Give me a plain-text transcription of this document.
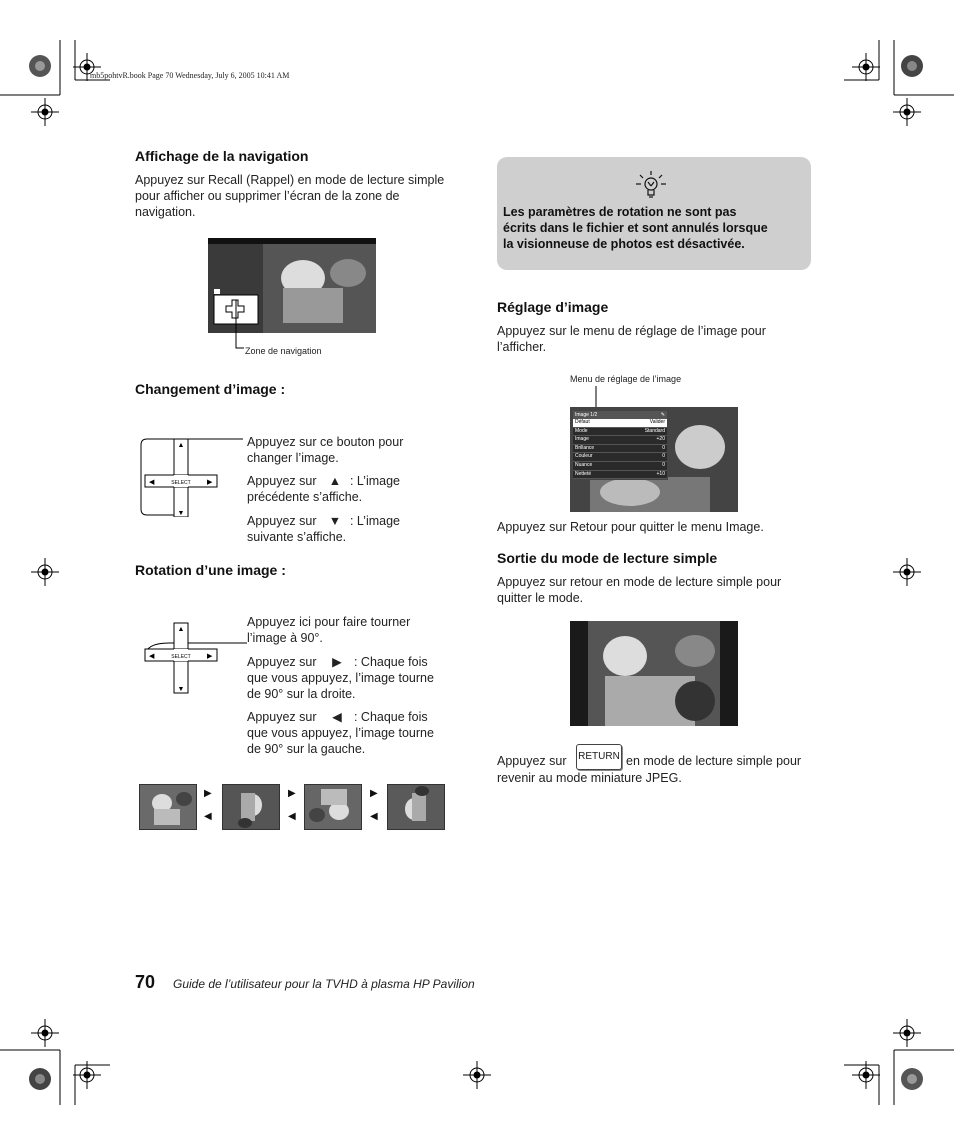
mb5pohtvR.book Page 70 Wednesday, July 6, 2005 10:41 AM
Affichage de la navigation
Appuyez sur Recall (Rappel) en mode de lecture simple
pour afficher ou supprimer l’écran de la zone de
navigation.
Zone de navigation
Changement d’image :
▲
▼
◀	▶
SELECT
Appuyez sur ce bouton pour
changer l’image.
Appuyez sur ▲ : L’image
précédente s’affiche.
Appuyez sur ▼ : L’image
suivante s’affiche.
Rotation d’une image :
▲
▼
◀	▶
SELECT
Appuyez ici pour faire tourner
l’image à 90°.
Appuyez sur ▶ : Chaque fois
que vous appuyez, l’image tourne
de 90° sur la droite.
Appuyez sur ◀ : Chaque fois
que vous appuyez, l’image tourne
de 90° sur la gauche.
▶
◀
▶
◀
▶
◀
Les paramètres de rotation ne sont pas
écrits dans le fichier et sont annulés lorsque
la visionneuse de photos est désactivée.
Réglage d’image
Appuyez sur le menu de réglage de l’image pour
l’afficher.
Menu de réglage de l’image
Image 1/2	✎
Défaut	Valider
Mode	Standard
Image	+20
Brillance	0
Couleur	0
Nuance	0
Netteté	+10
Appuyez sur Retour pour quitter le menu Image.
Sortie du mode de lecture simple
Appuyez sur retour en mode de lecture simple pour
quitter le mode.
Appuyez sur RETURN en mode de lecture simple pour
revenir au mode miniature JPEG.
70 Guide de l’utilisateur pour la TVHD à plasma HP Pavilion
